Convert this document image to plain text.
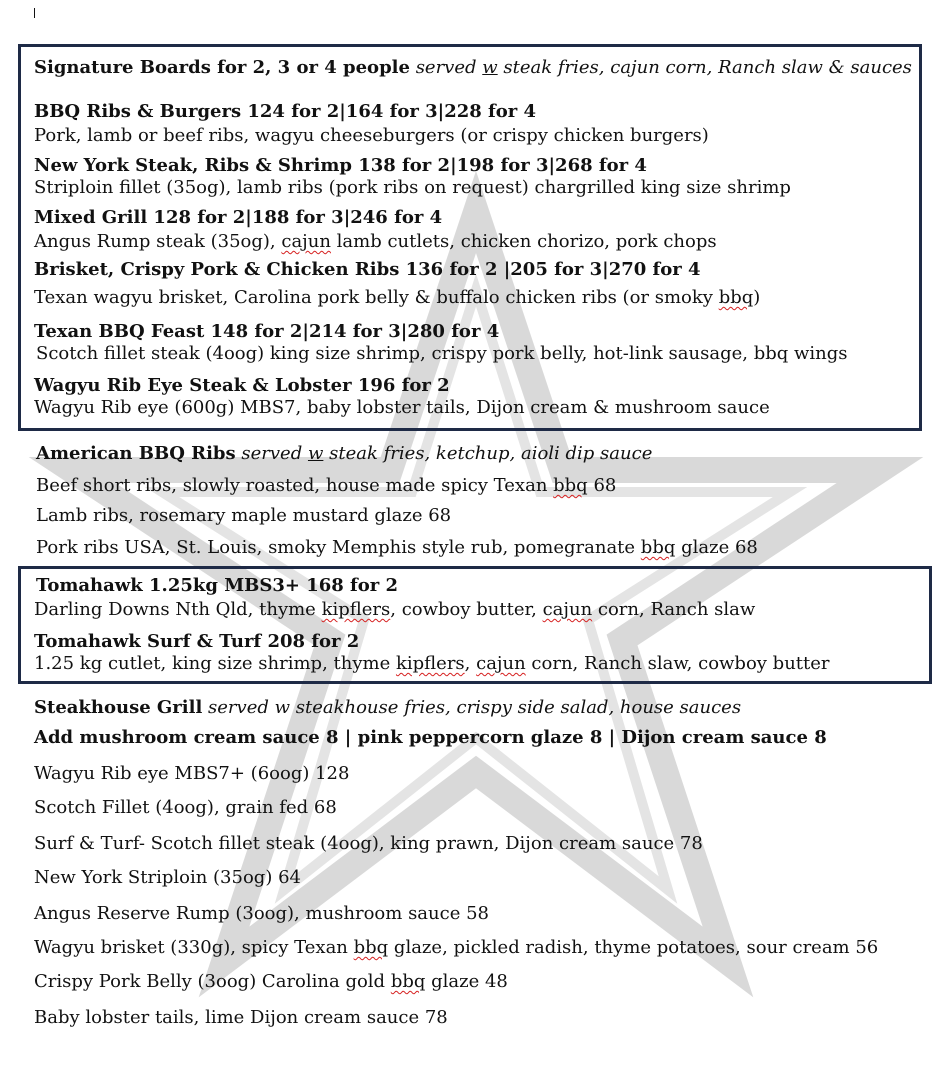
Signature Boards for 2, 3 or 4 people served w steak fries, cajun corn, Ranch slaw & sauces

BBQ Ribs & Burgers 124 for 2|164 for 3|228 for 4

Pork, lamb or beef ribs, wagyu cheeseburgers (or crispy chicken burgers)

New York Steak, Ribs & Shrimp 138 for 2|198 for 3|268 for 4

Striploin fillet (35og), lamb ribs (pork ribs on request) chargrilled king size shrimp

Mixed Grill 128 for 2|188 for 3|246 for 4

Angus Rump steak (35og), cajun lamb cutlets, chicken chorizo, pork chops

Brisket, Crispy Pork & Chicken Ribs 136 for 2 |205 for 3|270 for 4

Texan wagyu brisket, Carolina pork belly & buffalo chicken ribs (or smoky bbq)

Texan BBQ Feast 148 for 2|214 for 3|280 for 4

Scotch fillet steak (4oog) king size shrimp, crispy pork belly, hot-link sausage, bbq wings

Wagyu Rib Eye Steak & Lobster 196 for 2

Wagyu Rib eye (600g) MBS7, baby lobster tails, Dijon cream & mushroom sauce

American BBQ Ribs served w steak fries, ketchup, aioli dip sauce

Beef short ribs, slowly roasted, house made spicy Texan bbq 68

Lamb ribs, rosemary maple mustard glaze 68

Pork ribs USA, St. Louis, smoky Memphis style rub, pomegranate bbq glaze 68

Tomahawk 1.25kg MBS3+ 168 for 2

Darling Downs Nth Qld, thyme kipflers, cowboy butter, cajun corn, Ranch slaw

Tomahawk Surf & Turf 208 for 2

1.25 kg cutlet, king size shrimp, thyme kipflers, cajun corn, Ranch slaw, cowboy butter

Steakhouse Grill served w steakhouse fries, crispy side salad, house sauces

Add mushroom cream sauce 8 | pink peppercorn glaze 8 | Dijon cream sauce 8

Wagyu Rib eye MBS7+ (6oog) 128

Scotch Fillet (4oog), grain fed 68

Surf & Turf- Scotch fillet steak (4oog), king prawn, Dijon cream sauce 78

New York Striploin (35og) 64

Angus Reserve Rump (3oog), mushroom sauce 58

Wagyu brisket (330g), spicy Texan bbq glaze, pickled radish, thyme potatoes, sour cream 56

Crispy Pork Belly (3oog) Carolina gold bbq glaze 48

Baby lobster tails, lime Dijon cream sauce 78
